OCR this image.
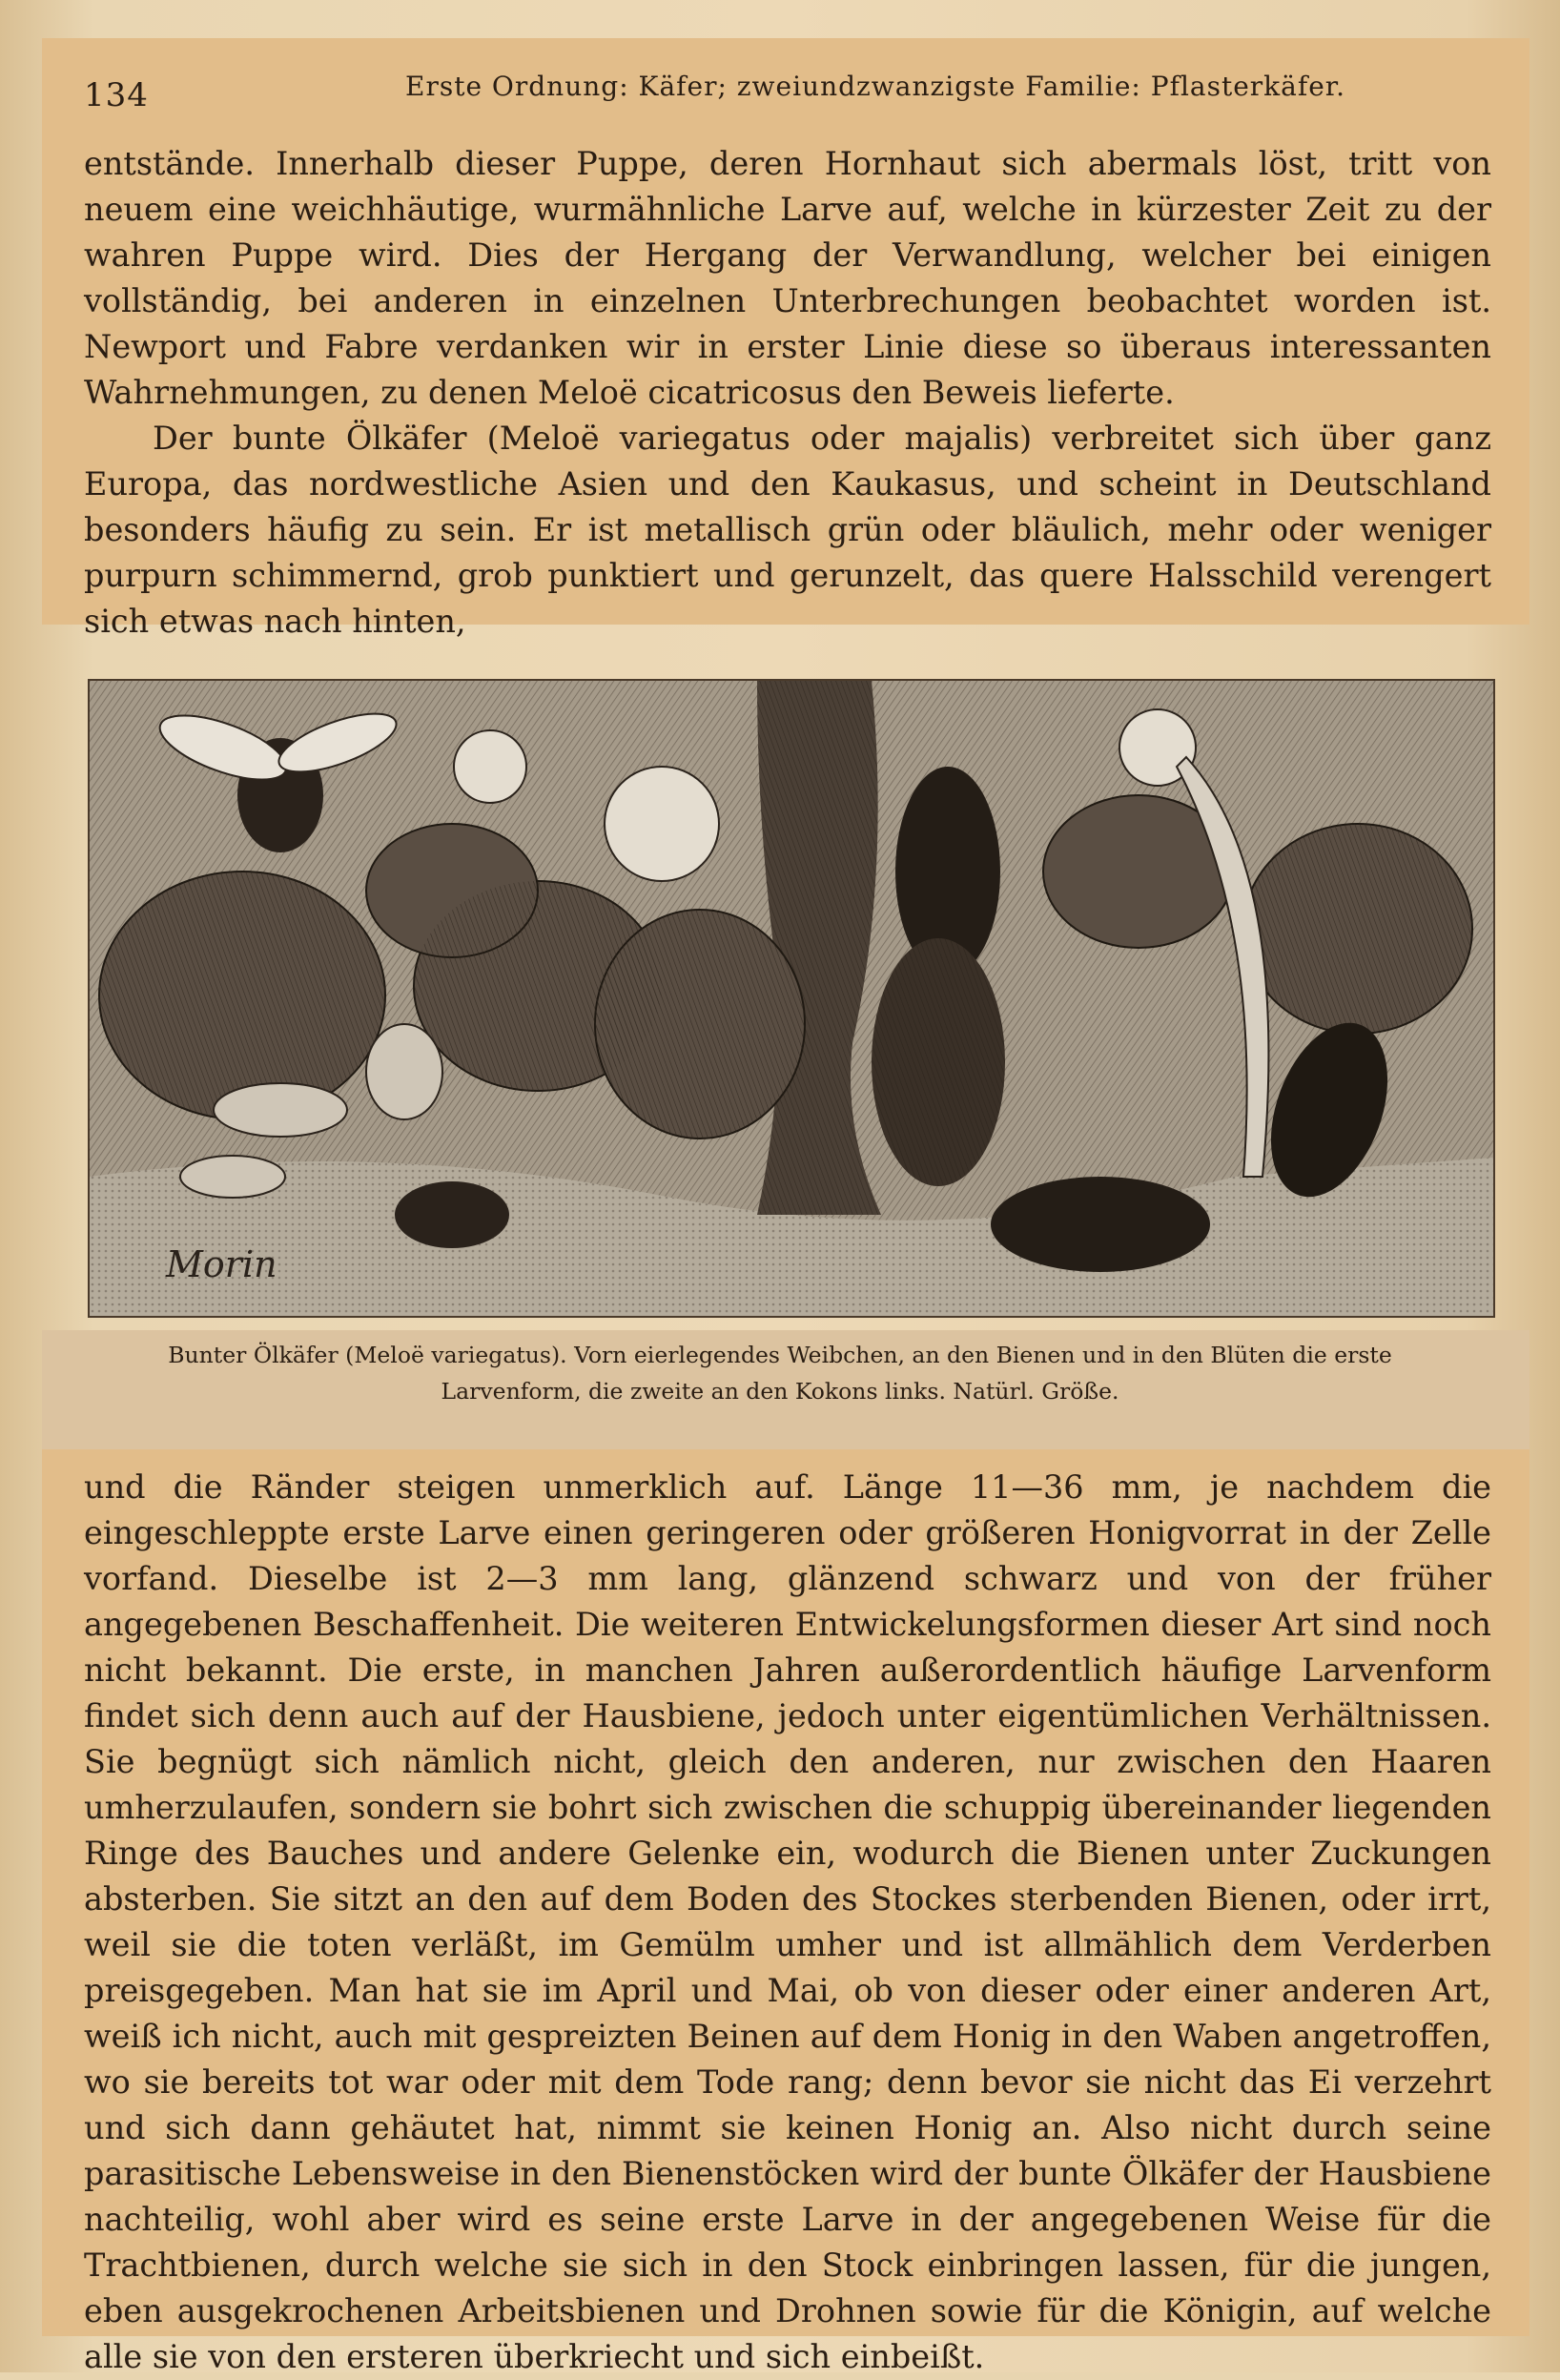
134	Erste Ordnung: Käfer; zweiundzwanzigste Familie: Pflasterkäfer.

entstände. Innerhalb dieser Puppe, deren Hornhaut sich abermals löst, tritt von neuem eine weichhäutige, wurmähnliche Larve auf, welche in kürzester Zeit zu der wahren Puppe wird. Dies der Hergang der Verwandlung, welcher bei einigen vollständig, bei anderen in einzelnen Unterbrechungen beobachtet worden ist. Newport und Fabre verdanken wir in erster Linie diese so überaus interessanten Wahrnehmungen, zu denen Meloë cicatricosus den Beweis lieferte.

Der bunte Ölkäfer (Meloë variegatus oder majalis) verbreitet sich über ganz Europa, das nordwestliche Asien und den Kaukasus, und scheint in Deutschland besonders häufig zu sein. Er ist metallisch grün oder bläulich, mehr oder weniger purpurn schimmernd, grob punktiert und gerunzelt, das quere Halsschild verengert sich etwas nach hinten,

Morin
Bunter Ölkäfer (Meloë variegatus). Vorn eierlegendes Weibchen, an den Bienen und in den Blüten die erste Larvenform, die zweite an den Kokons links. Natürl. Größe.

und die Ränder steigen unmerklich auf. Länge 11—36 mm, je nachdem die eingeschleppte erste Larve einen geringeren oder größeren Honigvorrat in der Zelle vorfand. Dieselbe ist 2—3 mm lang, glänzend schwarz und von der früher angegebenen Beschaffenheit. Die weiteren Entwickelungsformen dieser Art sind noch nicht bekannt. Die erste, in manchen Jahren außerordentlich häufige Larvenform findet sich denn auch auf der Hausbiene, jedoch unter eigentümlichen Verhältnissen. Sie begnügt sich nämlich nicht, gleich den anderen, nur zwischen den Haaren umherzulaufen, sondern sie bohrt sich zwischen die schuppig übereinander liegenden Ringe des Bauches und andere Gelenke ein, wodurch die Bienen unter Zuckungen absterben. Sie sitzt an den auf dem Boden des Stockes sterbenden Bienen, oder irrt, weil sie die toten verläßt, im Gemülm umher und ist allmählich dem Verderben preisgegeben. Man hat sie im April und Mai, ob von dieser oder einer anderen Art, weiß ich nicht, auch mit gespreizten Beinen auf dem Honig in den Waben angetroffen, wo sie bereits tot war oder mit dem Tode rang; denn bevor sie nicht das Ei verzehrt und sich dann gehäutet hat, nimmt sie keinen Honig an. Also nicht durch seine parasitische Lebensweise in den Bienenstöcken wird der bunte Ölkäfer der Hausbiene nachteilig, wohl aber wird es seine erste Larve in der angegebenen Weise für die Trachtbienen, durch welche sie sich in den Stock einbringen lassen, für die jungen, eben ausgekrochenen Arbeitsbienen und Drohnen sowie für die Königin, auf welche alle sie von den ersteren überkriecht und sich einbeißt.
